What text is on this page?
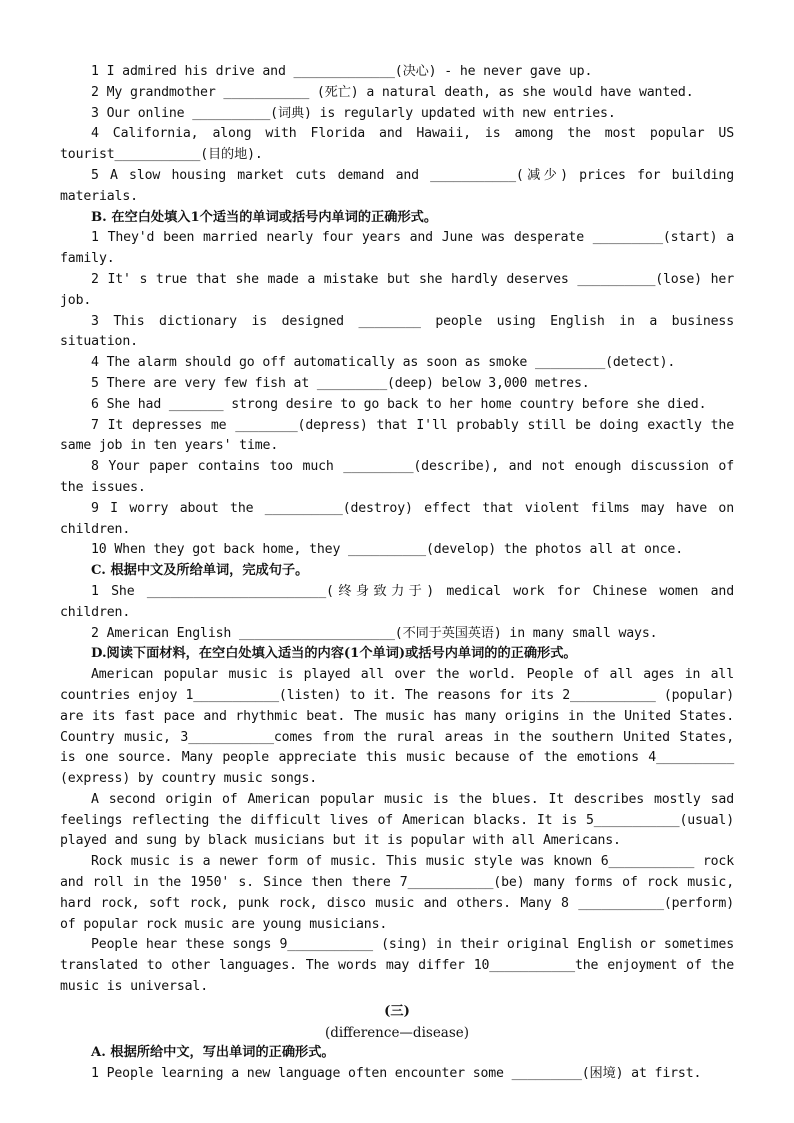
1 I admired his drive and _____________(决心) - he never gave up.

2 My grandmother ___________ (死亡) a natural death, as she would have wanted.

3 Our online __________(词典) is regularly updated with new entries.

4 California, along with Florida and Hawaii, is among the most popular US tourist___________(目的地).

5 A slow housing market cuts demand and ___________(减少) prices for building materials.

B. 在空白处填入1个适当的单词或括号内单词的正确形式。

1 They'd been married nearly four years and June was desperate _________(start) a family.

2 It' s true that she made a mistake but she hardly deserves __________(lose) her job.

3 This dictionary is designed ________ people using English in a business situation.

4 The alarm should go off automatically as soon as smoke _________(detect).

5 There are very few fish at _________(deep) below 3,000 metres.

6 She had _______ strong desire to go back to her home country before she died.

7 It depresses me ________(depress) that I'll probably still be doing exactly the same job in ten years' time.

8 Your paper contains too much _________(describe), and not enough discussion of the issues.

9 I worry about the __________(destroy) effect that violent films may have on children.

10 When they got back home, they __________(develop) the photos all at once.

C. 根据中文及所给单词，完成句子。

1 She _______________________(终身致力于) medical work for Chinese women and children.

2 American English ____________________(不同于英国英语) in many small ways.

D.阅读下面材料，在空白处填入适当的内容(1个单词)或括号内单词的的正确形式。

American popular music is played all over the world. People of all ages in all countries enjoy 1___________(listen) to it. The reasons for its 2___________ (popular) are its fast pace and rhythmic beat. The music has many origins in the United States. Country music, 3___________comes from the rural areas in the southern United States, is one source. Many people appreciate this music because of the emotions 4__________ (express) by country music songs.

A second origin of American popular music is the blues. It describes mostly sad feelings reflecting the difficult lives of American blacks. It is 5___________(usual) played and sung by black musicians but it is popular with all Americans.

Rock music is a newer form of music. This music style was known 6___________ rock and roll in the 1950' s. Since then there 7___________(be) many forms of rock music, hard rock, soft rock, punk rock, disco music and others. Many 8 ___________(perform) of popular rock music are young musicians.

People hear these songs 9___________ (sing) in their original English or sometimes translated to other languages. The words may differ 10___________the enjoyment of the music is universal.

(三)

(difference—disease)

A. 根据所给中文，写出单词的正确形式。

1 People learning a new language often encounter some _________(困境) at first.
